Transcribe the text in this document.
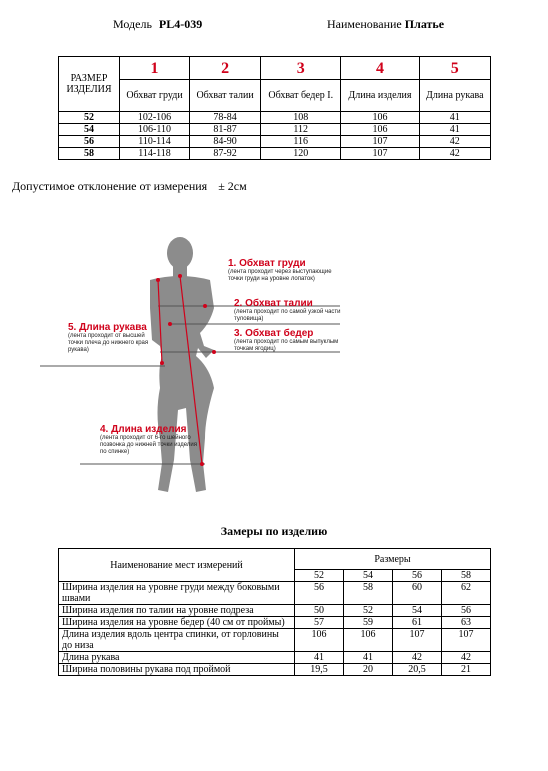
Модель PL4-039	Наименование Платье
РАЗМЕР ИЗДЕЛИЯ	1	2	3	4	5
	Обхват груди	Обхват талии	Обхват бедер I.	Длина изделия	Длина рукава
52	102-106	78-84	108	106	41
54	106-110	81-87	112	106	41
56	110-114	84-90	116	107	42
58	114-118	87-92	120	107	42
Допустимое отклонение от измерения ± 2см
1. Обхват груди
(лента проходит через выступающие точки груди на уровне лопаток)
2. Обхват талии
(лента проходит по самой узкой части туловища)
3. Обхват бедер
(лента проходит по самым выпуклым точкам ягодиц)
4. Длина изделия
(лента проходит от 6-го шейного позвонка до нижней точки изделия по спинке)
5. Длина рукава
(лента проходит от высшей точки плеча до нижнего края рукава)
Замеры по изделию
Наименование мест измерений	Размеры			
	52	54	56	58
Ширина изделия на уровне груди между боковыми швами	56	58	60	62
Ширина изделия по талии на уровне подреза	50	52	54	56
Ширина изделия на уровне бедер (40 см от проймы)	57	59	61	63
Длина изделия вдоль центра спинки, от горловины до низа	106	106	107	107
Длина рукава	41	41	42	42
Ширина половины рукава под проймой	19,5	20	20,5	21
